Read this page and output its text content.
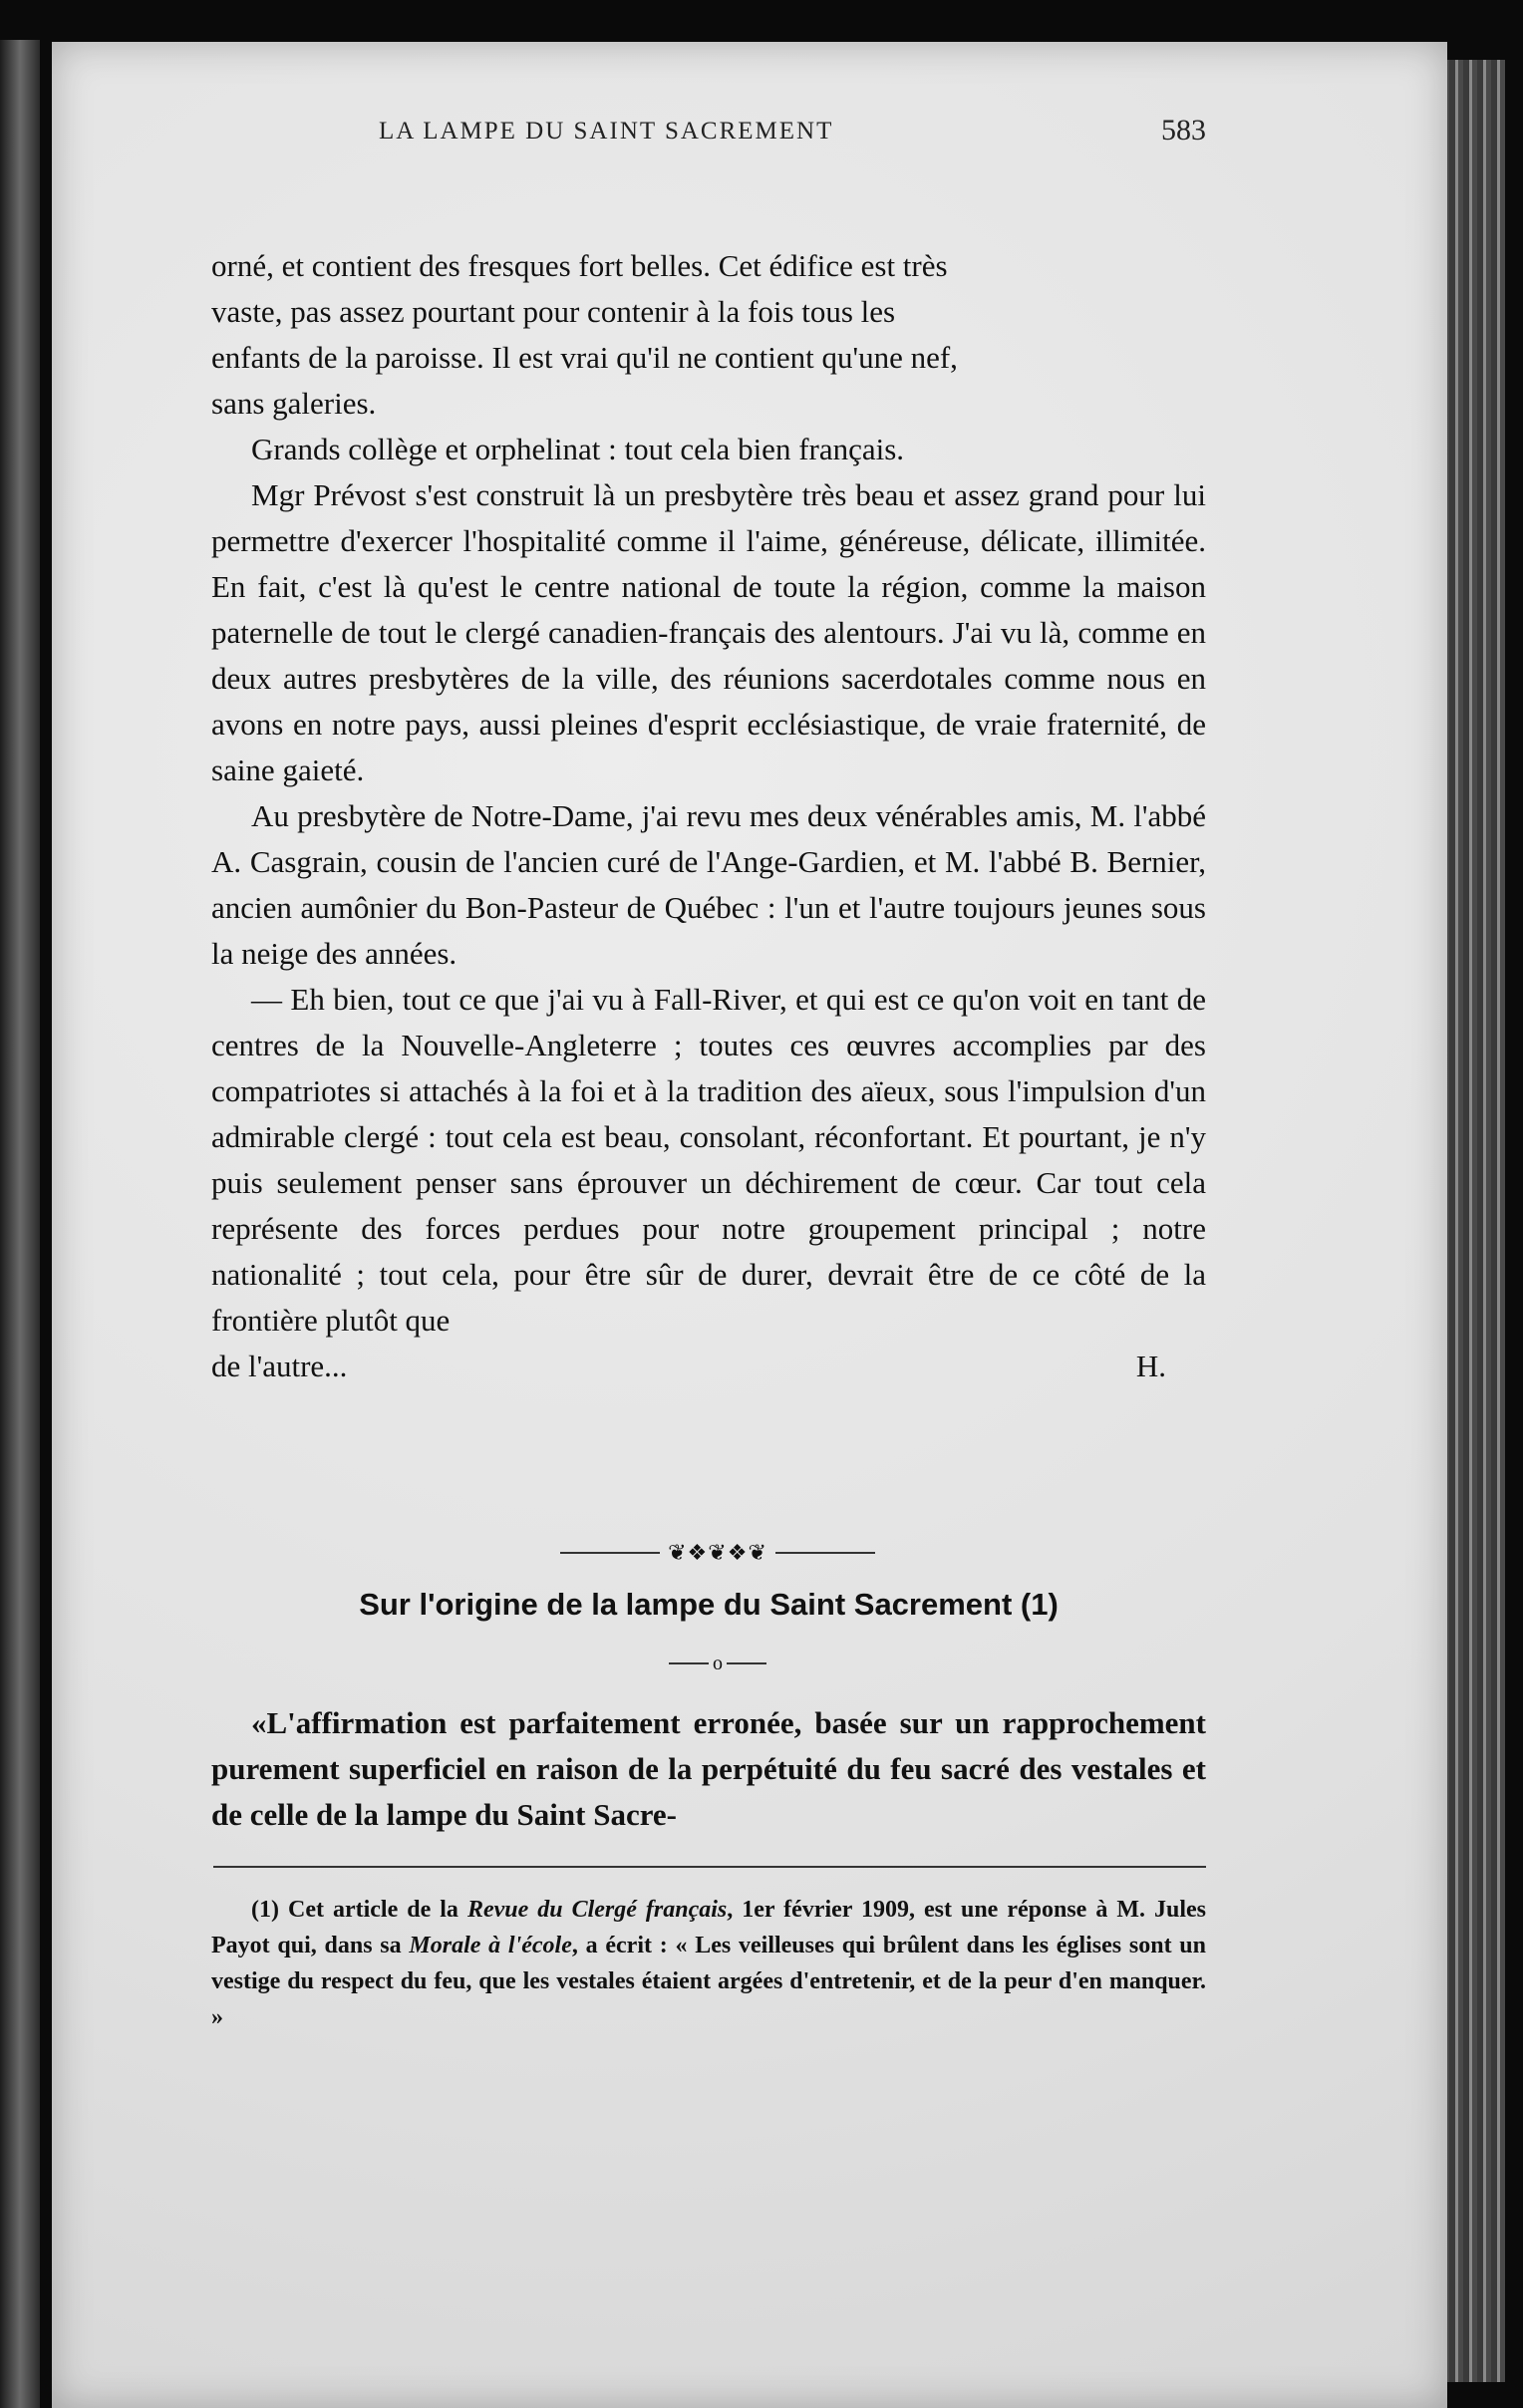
LA LAMPE DU SAINT SACREMENT	583

orné, et contient des fresques fort belles. Cet édifice est très

vaste, pas assez pourtant pour contenir à la fois tous les

enfants de la paroisse. Il est vrai qu'il ne contient qu'une nef,

sans galeries.

Grands collège et orphelinat : tout cela bien français.

Mgr Prévost s'est construit là un presbytère très beau et assez grand pour lui permettre d'exercer l'hospitalité comme il l'aime, généreuse, délicate, illimitée. En fait, c'est là qu'est le centre national de toute la région, comme la maison paternelle de tout le clergé canadien-français des alentours. J'ai vu là, comme en deux autres presbytères de la ville, des réunions sacerdotales comme nous en avons en notre pays, aussi pleines d'esprit ecclésiastique, de vraie fraternité, de saine gaieté.

Au presbytère de Notre-Dame, j'ai revu mes deux vénérables amis, M. l'abbé A. Casgrain, cousin de l'ancien curé de l'Ange-Gardien, et M. l'abbé B. Bernier, ancien aumônier du Bon-Pasteur de Québec : l'un et l'autre toujours jeunes sous la neige des années.

— Eh bien, tout ce que j'ai vu à Fall-River, et qui est ce qu'on voit en tant de centres de la Nouvelle-Angleterre ; toutes ces œuvres accomplies par des compatriotes si attachés à la foi et à la tradition des aïeux, sous l'impulsion d'un admirable clergé : tout cela est beau, consolant, réconfortant. Et pourtant, je n'y puis seulement penser sans éprouver un déchirement de cœur. Car tout cela représente des forces perdues pour notre groupement principal ; notre nationalité ; tout cela, pour être sûr de durer, devrait être de ce côté de la frontière plutôt que

de l'autre...	H.
❦❖❦❖❦
Sur l'origine de la lampe du Saint Sacrement (1)
o

«L'affirmation est parfaitement erronée, basée sur un rapprochement purement superficiel en raison de la perpétuité du feu sacré des vestales et de celle de la lampe du Saint Sacre-

(1) Cet article de la Revue du Clergé français, 1er février 1909, est une réponse à M. Jules Payot qui, dans sa Morale à l'école, a écrit : « Les veilleuses qui brûlent dans les églises sont un vestige du respect du feu, que les vestales étaient argées d'entretenir, et de la peur d'en manquer. »
